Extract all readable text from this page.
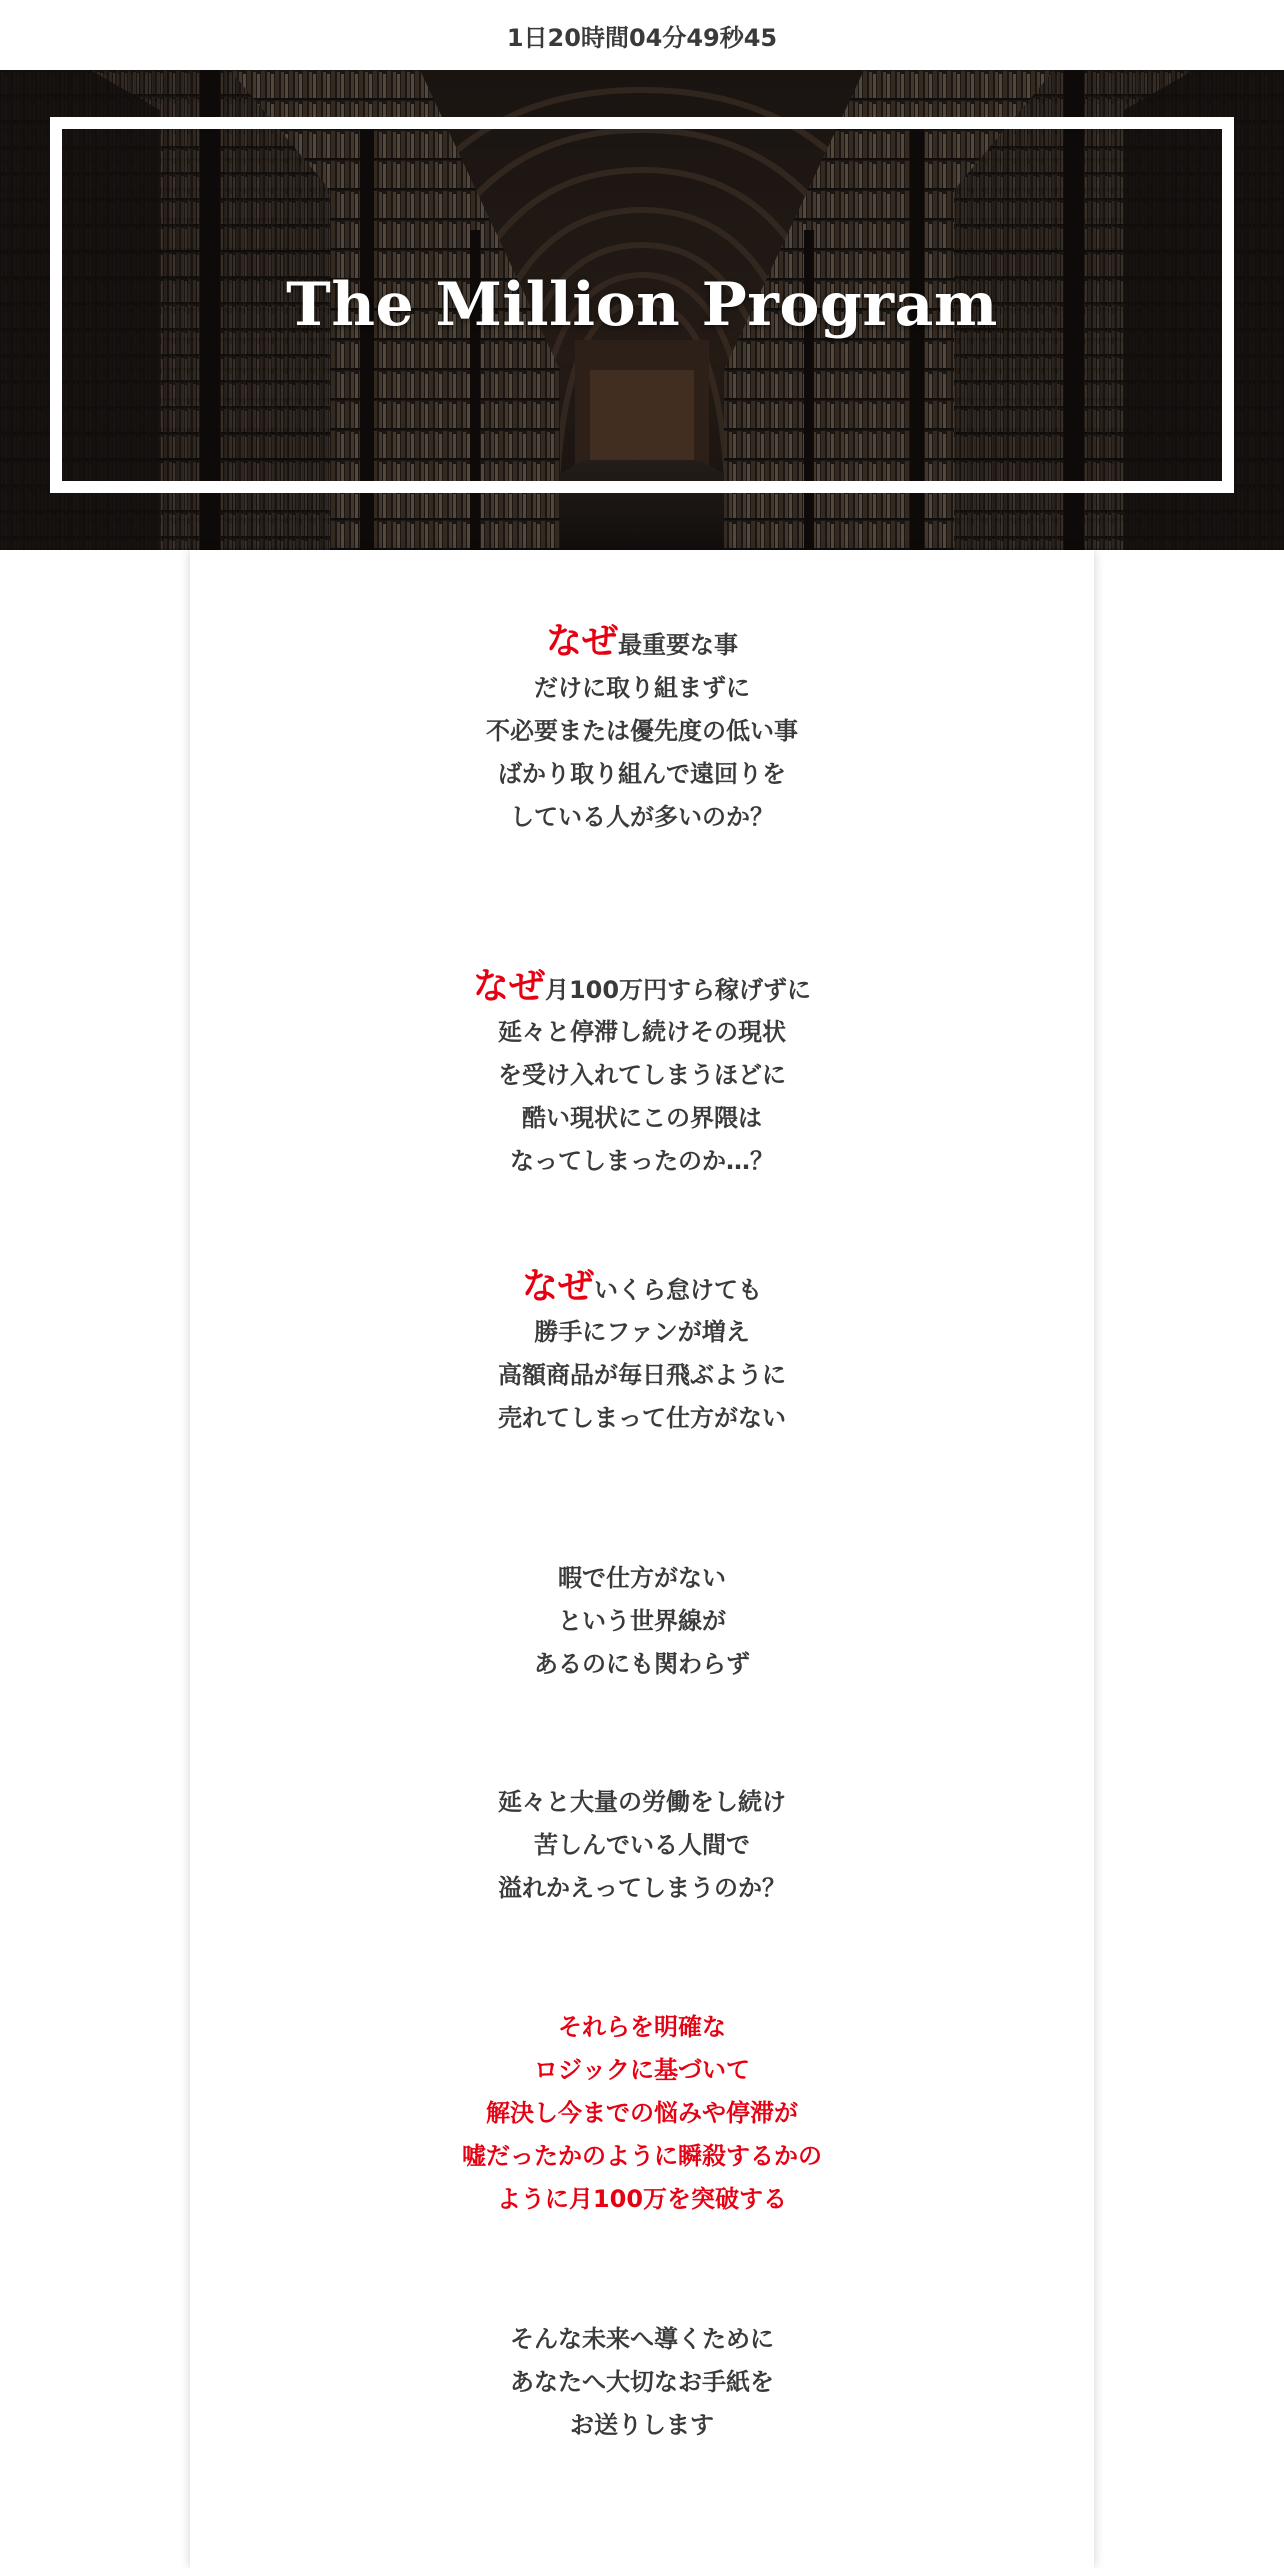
1日20時間04分49秒45
The Million Program
なぜ最重要な事
だけに取り組まずに
不必要または優先度の低い事
ばかり取り組んで遠回りを
している人が多いのか？
なぜ月100万円すら稼げずに
延々と停滞し続けその現状
を受け入れてしまうほどに
酷い現状にこの界隈は
なってしまったのか…？
なぜいくら怠けても
勝手にファンが増え
高額商品が毎日飛ぶように
売れてしまって仕方がない
暇で仕方がない
という世界線が
あるのにも関わらず
延々と大量の労働をし続け
苦しんでいる人間で
溢れかえってしまうのか？
それらを明確な
ロジックに基づいて
解決し今までの悩みや停滞が
嘘だったかのように瞬殺するかの
ように月100万を突破する
そんな未来へ導くために
あなたへ大切なお手紙を
お送りします
